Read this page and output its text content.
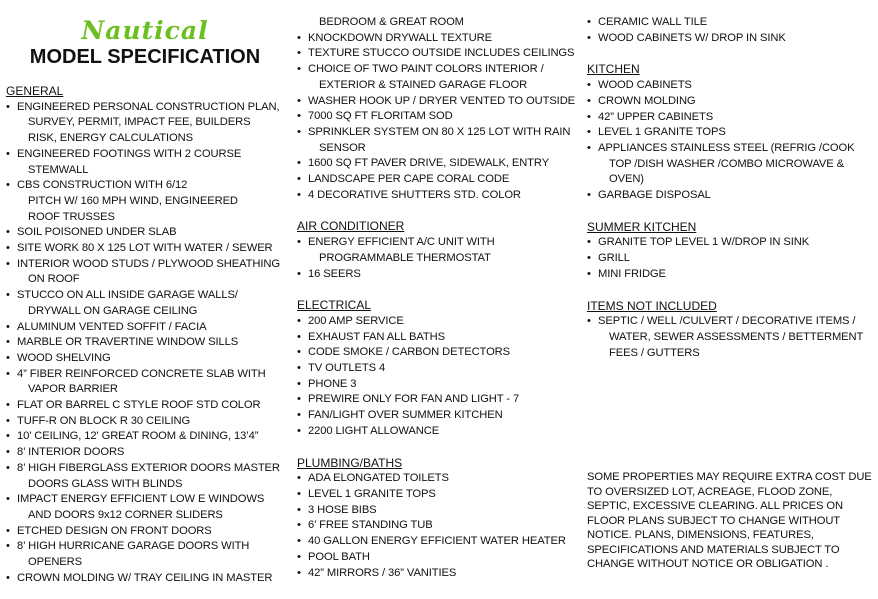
Nautical
MODEL SPECIFICATION
GENERAL
• ENGINEERED PERSONAL CONSTRUCTION PLAN,
SURVEY, PERMIT, IMPACT FEE, BUILDERS
RISK, ENERGY CALCULATIONS
• ENGINEERED FOOTINGS WITH 2 COURSE
STEMWALL
• CBS CONSTRUCTION WITH 6/12
PITCH W/ 160 MPH WIND, ENGINEERED
ROOF TRUSSES
• SOIL POISONED UNDER SLAB
• SITE WORK 80 X 125 LOT WITH WATER / SEWER
• INTERIOR WOOD STUDS / PLYWOOD SHEATHING
ON ROOF
• STUCCO ON ALL INSIDE GARAGE WALLS/
DRYWALL ON GARAGE CEILING
• ALUMINUM VENTED SOFFIT / FACIA
• MARBLE OR TRAVERTINE WINDOW SILLS
• WOOD SHELVING
• 4” FIBER REINFORCED CONCRETE SLAB WITH
VAPOR BARRIER
• FLAT OR BARREL C STYLE ROOF STD COLOR
• TUFF-R ON BLOCK R 30 CEILING
• 10’ CEILING, 12' GREAT ROOM & DINING, 13’4”
• 8’ INTERIOR DOORS
• 8’ HIGH FIBERGLASS EXTERIOR DOORS MASTER
DOORS GLASS WITH BLINDS
• IMPACT ENERGY EFFICIENT LOW E WINDOWS
AND DOORS 9x12 CORNER SLIDERS
• ETCHED DESIGN ON FRONT DOORS
• 8’ HIGH HURRICANE GARAGE DOORS WITH
OPENERS
• CROWN MOLDING W/ TRAY CEILING IN MASTER
BEDROOM & GREAT ROOM
• KNOCKDOWN DRYWALL TEXTURE
• TEXTURE STUCCO OUTSIDE INCLUDES CEILINGS
• CHOICE OF TWO PAINT COLORS INTERIOR /
EXTERIOR & STAINED GARAGE FLOOR
• WASHER HOOK UP / DRYER VENTED TO OUTSIDE
• 7000 SQ FT FLORITAM SOD
• SPRINKLER SYSTEM ON 80 X 125 LOT WITH RAIN
SENSOR
• 1600 SQ FT PAVER DRIVE, SIDEWALK, ENTRY
• LANDSCAPE PER CAPE CORAL CODE
• 4 DECORATIVE SHUTTERS STD. COLOR
AIR CONDITIONER
• ENERGY EFFICIENT A/C UNIT WITH
PROGRAMMABLE THERMOSTAT
• 16 SEERS
ELECTRICAL
• 200 AMP SERVICE
• EXHAUST FAN ALL BATHS
• CODE SMOKE / CARBON DETECTORS
• TV OUTLETS 4
• PHONE 3
• PREWIRE ONLY FOR FAN AND LIGHT - 7
• FAN/LIGHT OVER SUMMER KITCHEN
• 2200 LIGHT ALLOWANCE
PLUMBING/BATHS
• ADA ELONGATED TOILETS
• LEVEL 1 GRANITE TOPS
• 3 HOSE BIBS
• 6’ FREE STANDING TUB
• 40 GALLON ENERGY EFFICIENT WATER HEATER
• POOL BATH
• 42” MIRRORS / 36” VANITIES
• CERAMIC WALL TILE
• WOOD CABINETS W/ DROP IN SINK
KITCHEN
• WOOD CABINETS
• CROWN MOLDING
• 42” UPPER CABINETS
• LEVEL 1 GRANITE TOPS
• APPLIANCES STAINLESS STEEL (REFRIG /COOK
TOP /DISH WASHER /COMBO MICROWAVE &
OVEN)
• GARBAGE DISPOSAL
SUMMER KITCHEN
• GRANITE TOP LEVEL 1 W/DROP IN SINK
• GRILL
• MINI FRIDGE
ITEMS NOT INCLUDED
• SEPTIC / WELL /CULVERT / DECORATIVE ITEMS /
WATER, SEWER ASSESSMENTS / BETTERMENT
FEES / GUTTERS
SOME PROPERTIES MAY REQUIRE EXTRA COST DUE
TO OVERSIZED LOT, ACREAGE, FLOOD ZONE,
SEPTIC, EXCESSIVE CLEARING. ALL PRICES ON
FLOOR PLANS SUBJECT TO CHANGE WITHOUT
NOTICE. PLANS, DIMENSIONS, FEATURES,
SPECIFICATIONS AND MATERIALS SUBJECT TO
CHANGE WITHOUT NOTICE OR OBLIGATION .
